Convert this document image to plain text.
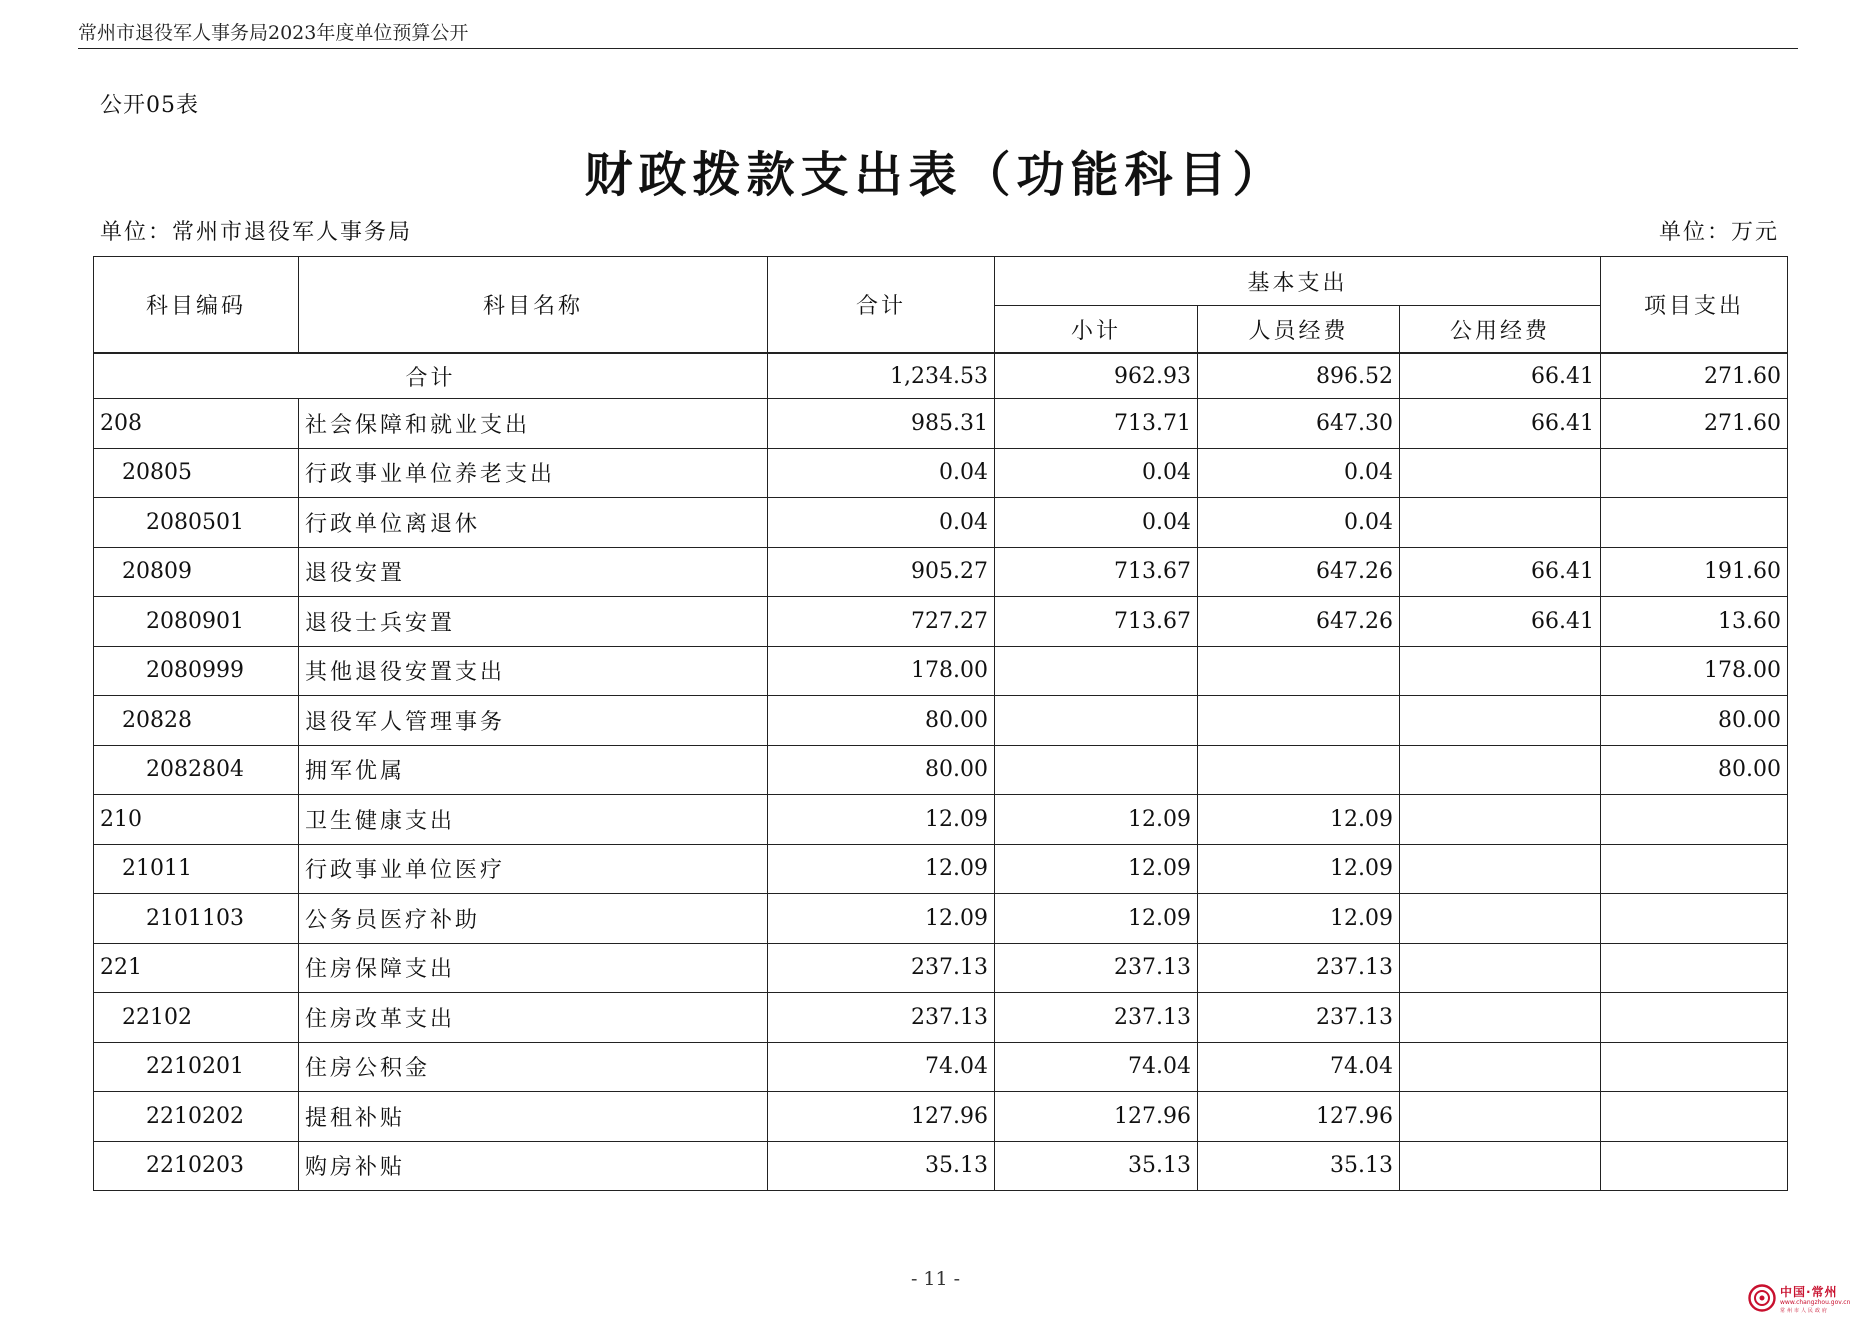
常州市退役军人事务局2023年度单位预算公开
公开05表
财政拨款支出表（功能科目）
单位：常州市退役军人事务局	单位：万元
科目编码	科目名称	合计	基本支出			项目支出
			小计	人员经费	公用经费	
合计		1,234.53	962.93	896.52	66.41	271.60
208	社会保障和就业支出	985.31	713.71	647.30	66.41	271.60
20805	行政事业单位养老支出	0.04	0.04	0.04		
2080501	行政单位离退休	0.04	0.04	0.04		
20809	退役安置	905.27	713.67	647.26	66.41	191.60
2080901	退役士兵安置	727.27	713.67	647.26	66.41	13.60
2080999	其他退役安置支出	178.00				178.00
20828	退役军人管理事务	80.00				80.00
2082804	拥军优属	80.00				80.00
210	卫生健康支出	12.09	12.09	12.09		
21011	行政事业单位医疗	12.09	12.09	12.09		
2101103	公务员医疗补助	12.09	12.09	12.09		
221	住房保障支出	237.13	237.13	237.13		
22102	住房改革支出	237.13	237.13	237.13		
2210201	住房公积金	74.04	74.04	74.04		
2210202	提租补贴	127.96	127.96	127.96		
2210203	购房补贴	35.13	35.13	35.13		
- 11 -
中国·常州
www.changzhou.gov.cn
常州市人民政府
